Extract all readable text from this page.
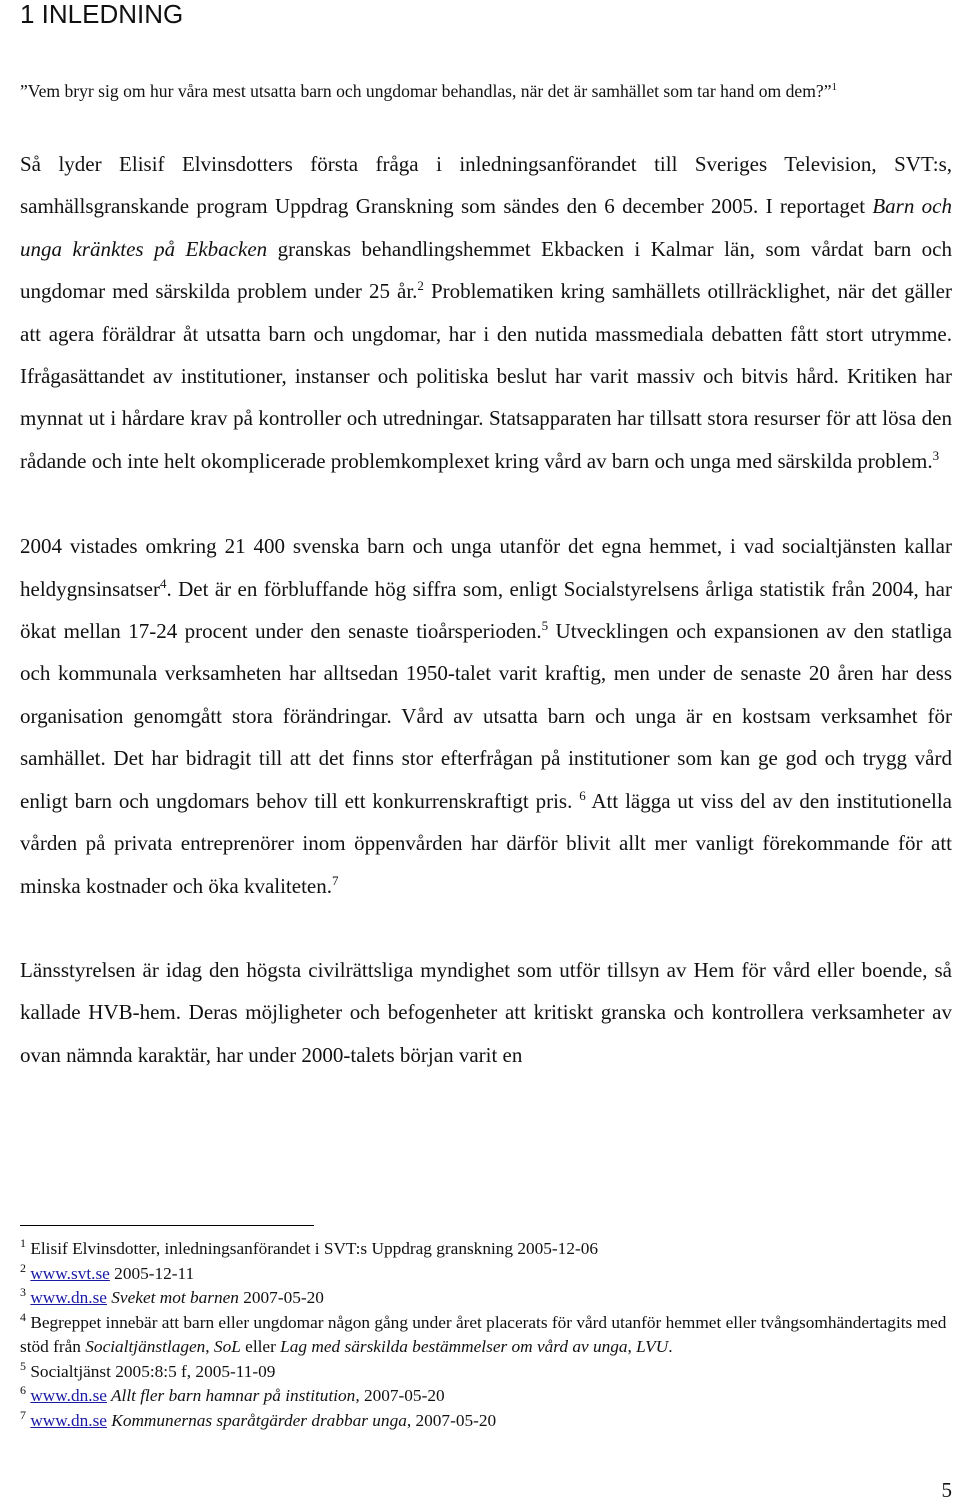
1 INLEDNING

”Vem bryr sig om hur våra mest utsatta barn och ungdomar behandlas, när det är samhället som tar hand om dem?”$^1$

Så lyder Elisif Elvinsdotters första fråga i inledningsanförandet till Sveriges Television, SVT:s, samhällsgranskande program Uppdrag Granskning som sändes den 6 december 2005. I reportaget Barn och unga kränktes på Ekbacken granskas behandlingshemmet Ekbacken i Kalmar län, som vårdat barn och ungdomar med särskilda problem under 25 år.$^2$ Problematiken kring samhällets otillräcklighet, när det gäller att agera föräldrar åt utsatta barn och ungdomar, har i den nutida massmediala debatten fått stort utrymme. Ifrågasättandet av institutioner, instanser och politiska beslut har varit massiv och bitvis hård. Kritiken har mynnat ut i hårdare krav på kontroller och utredningar. Statsapparaten har tillsatt stora resurser för att lösa den rådande och inte helt okomplicerade problemkomplexet kring vård av barn och unga med särskilda problem.$^3$

2004 vistades omkring 21 400 svenska barn och unga utanför det egna hemmet, i vad socialtjänsten kallar heldygnsinsatser$^4$. Det är en förbluffande hög siffra som, enligt Socialstyrelsens årliga statistik från 2004, har ökat mellan 17-24 procent under den senaste tioårsperioden.$^5$ Utvecklingen och expansionen av den statliga och kommunala verksamheten har alltsedan 1950-talet varit kraftig, men under de senaste 20 åren har dess organisation genomgått stora förändringar. Vård av utsatta barn och unga är en kostsam verksamhet för samhället. Det har bidragit till att det finns stor efterfrågan på institutioner som kan ge god och trygg vård enligt barn och ungdomars behov till ett konkurrenskraftigt pris. $^6$ Att lägga ut viss del av den institutionella vården på privata entreprenörer inom öppenvården har därför blivit allt mer vanligt förekommande för att minska kostnader och öka kvaliteten.$^7$

Länsstyrelsen är idag den högsta civilrättsliga myndighet som utför tillsyn av Hem för vård eller boende, så kallade HVB-hem. Deras möjligheter och befogenheter att kritiskt granska och kontrollera verksamheter av ovan nämnda karaktär, har under 2000-talets början varit en

$^1$ Elisif Elvinsdotter, inledningsanförandet i SVT:s Uppdrag granskning 2005-12-06

$^2$ www.svt.se 2005-12-11

$^3$ www.dn.se Sveket mot barnen 2007-05-20

$^4$ Begreppet innebär att barn eller ungdomar någon gång under året placerats för vård utanför hemmet eller tvångsomhändertagits med stöd från Socialtjänstlagen, SoL eller Lag med särskilda bestämmelser om vård av unga, LVU.

$^5$ Socialtjänst 2005:8:5 f, 2005-11-09

$^6$ www.dn.se Allt fler barn hamnar på institution, 2007-05-20

$^7$ www.dn.se Kommunernas sparåtgärder drabbar unga, 2007-05-20

5
